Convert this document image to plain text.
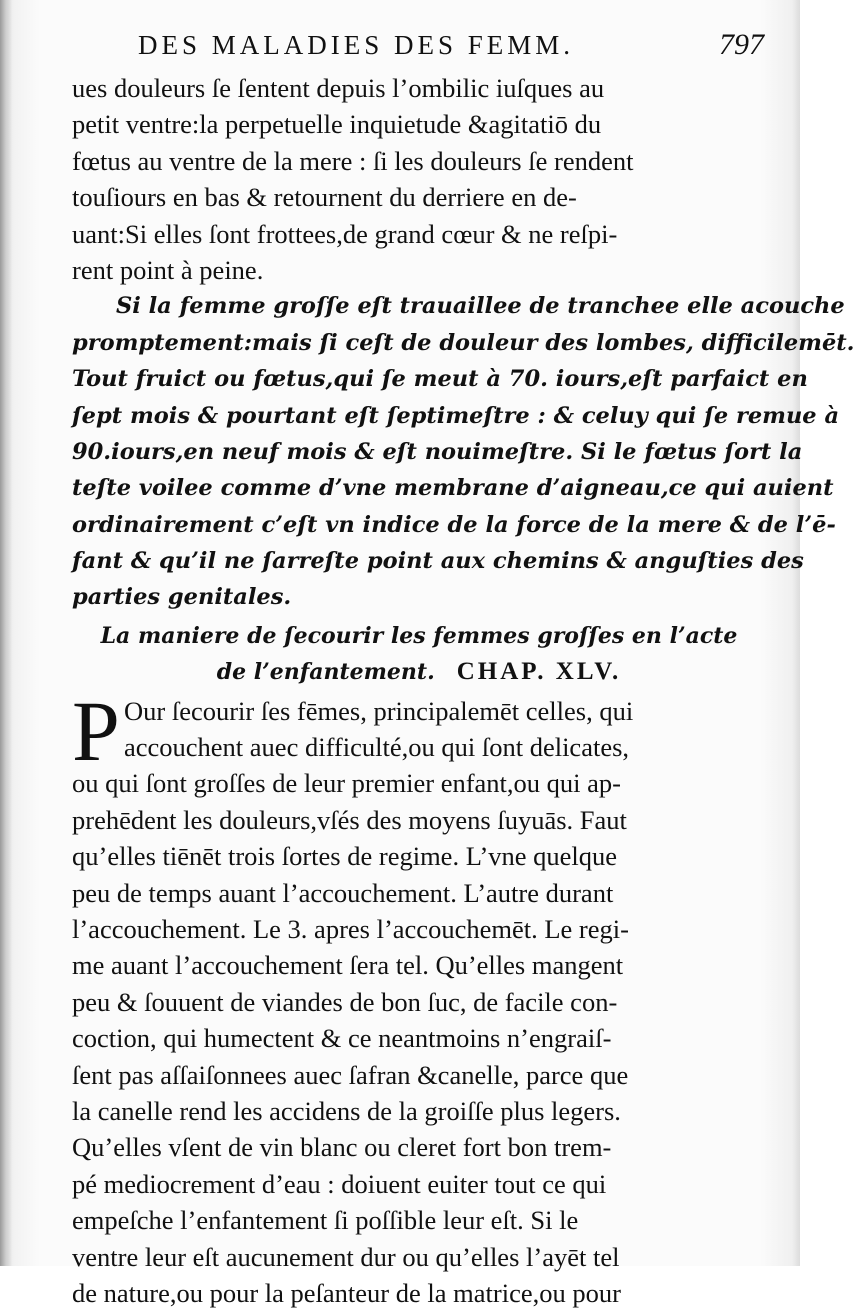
DES MALADIES DES FEMM.	797
ues douleurs ſe ſentent depuis l’ombilic iuſques au
petit ventre:la perpetuelle inquietude &agitatiō du
fœtus au ventre de la mere : ſi les douleurs ſe rendent
touſiours en bas & retournent du derriere en de-
uant:Si elles ſont frottees,de grand cœur & ne reſpi-
rent point à peine.
Si la femme groſſe eſt trauaillee de tranchee elle acouche
promptement:mais ſi ceſt de douleur des lombes, difficilemēt.
Tout fruict ou fœtus,qui ſe meut à 70. iours,eſt parfaict en
ſept mois & pourtant eſt ſeptimeſtre : & celuy qui ſe remue à
90.iours,en neuf mois & eſt nouimeſtre. Si le fœtus ſort la
teſte voilee comme d’vne membrane d’aigneau,ce qui auient
ordinairement c’eſt vn indice de la force de la mere & de l’ē-
fant & qu’il ne ſarreſte point aux chemins & anguſties des
parties genitales.
La maniere de ſecourir les femmes groſſes en l’acte
de l’enfantement. CHAP. XLV.
P Our ſecourir ſes fēmes, principalemēt celles, qui
accouchent auec difficulté,ou qui ſont delicates,
ou qui ſont groſſes de leur premier enfant,ou qui ap-
prehēdent les douleurs,vſés des moyens ſuyuās. Faut
qu’elles tiēnēt trois ſortes de regime. L’vne quelque
peu de temps auant l’accouchement. L’autre durant
l’accouchement. Le 3. apres l’accouchemēt. Le regi-
me auant l’accouchement ſera tel. Qu’elles mangent
peu & ſouuent de viandes de bon ſuc, de facile con-
coction, qui humectent & ce neantmoins n’engraiſ-
ſent pas aſſaiſonnees auec ſafran &canelle, parce que
la canelle rend les accidens de la groiſſe plus legers.
Qu’elles vſent de vin blanc ou cleret fort bon trem-
pé mediocrement d’eau : doiuent euiter tout ce qui
empeſche l’enfantement ſi poſſible leur eſt. Si le
ventre leur eſt aucunement dur ou qu’elles l’ayēt tel
de nature,ou pour la peſanteur de la matrice,ou pour
